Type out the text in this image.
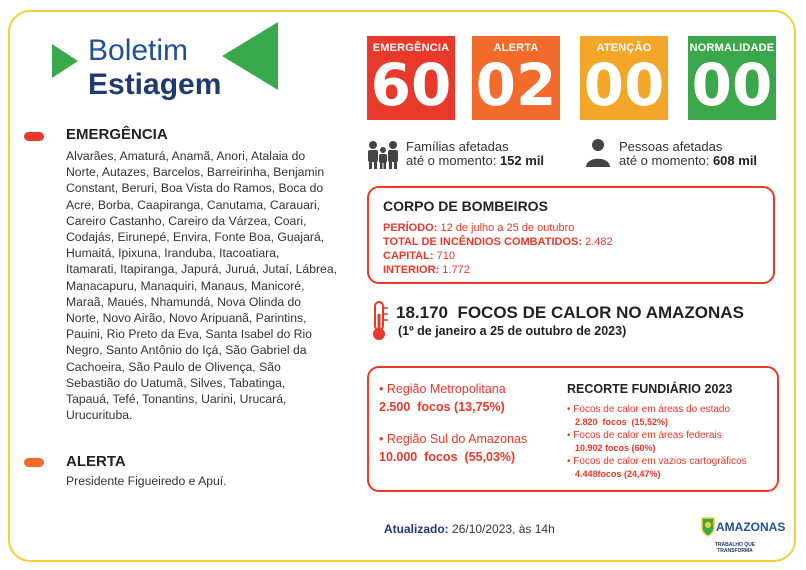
Boletim
Estiagem
EMERGÊNCIA
60
ALERTA
02
ATENÇÃO
00
NORMALIDADE
00
EMERGÊNCIA
Alvarães, Amaturá, Anamã, Anori, Atalaia do
Norte, Autazes, Barcelos, Barreirinha, Benjamin
Constant, Beruri, Boa Vista do Ramos, Boca do
Acre, Borba, Caapiranga, Canutama, Carauari,
Careiro Castanho, Careiro da Várzea, Coari,
Codajás, Eirunepé, Envira, Fonte Boa, Guajará,
Humaitá, Ipixuna, Iranduba, Itacoatiara,
Itamarati, Itapiranga, Japurá, Juruá, Jutaí, Lábrea,
Manacapuru, Manaquiri, Manaus, Manicoré,
Maraã, Maués, Nhamundá, Nova Olinda do
Norte, Novo Airão, Novo Aripuanã, Parintins,
Pauini, Rio Preto da Eva, Santa Isabel do Rio
Negro, Santo Antônio do Içá, São Gabriel da
Cachoeira, São Paulo de Olivença, São
Sebastião do Uatumã, Silves, Tabatinga,
Tapauá, Tefé, Tonantins, Uarini, Urucará,
Urucurituba.
ALERTA
Presidente Figueiredo e Apuí.
Famílias afetadas
até o momento: 152 mil
Pessoas afetadas
até o momento: 608 mil
CORPO DE BOMBEIROS
PERÍODO: 12 de julho a 25 de outubro
TOTAL DE INCÊNDIOS COMBATIDOS: 2.482
CAPITAL: 710
INTERIOR: 1.772
18.170  FOCOS DE CALOR NO AMAZONAS
(1º de janeiro a 25 de outubro de 2023)
• Região Metropolitana
2.500  focos (13,75%)
• Região Sul do Amazonas
10.000  focos  (55,03%)
RECORTE FUNDIÁRIO 2023
• Focos de calor em áreas do estado
2.820  focos  (15,52%)
• Focos de calor em áreas federais
10.902 focos (60%)
• Focos de calor em vazios cartográficos
4.448focos (24,47%)
Atualizado: 26/10/2023, às 14h	AMAZONAS
TRABALHO QUE TRANSFORMA
